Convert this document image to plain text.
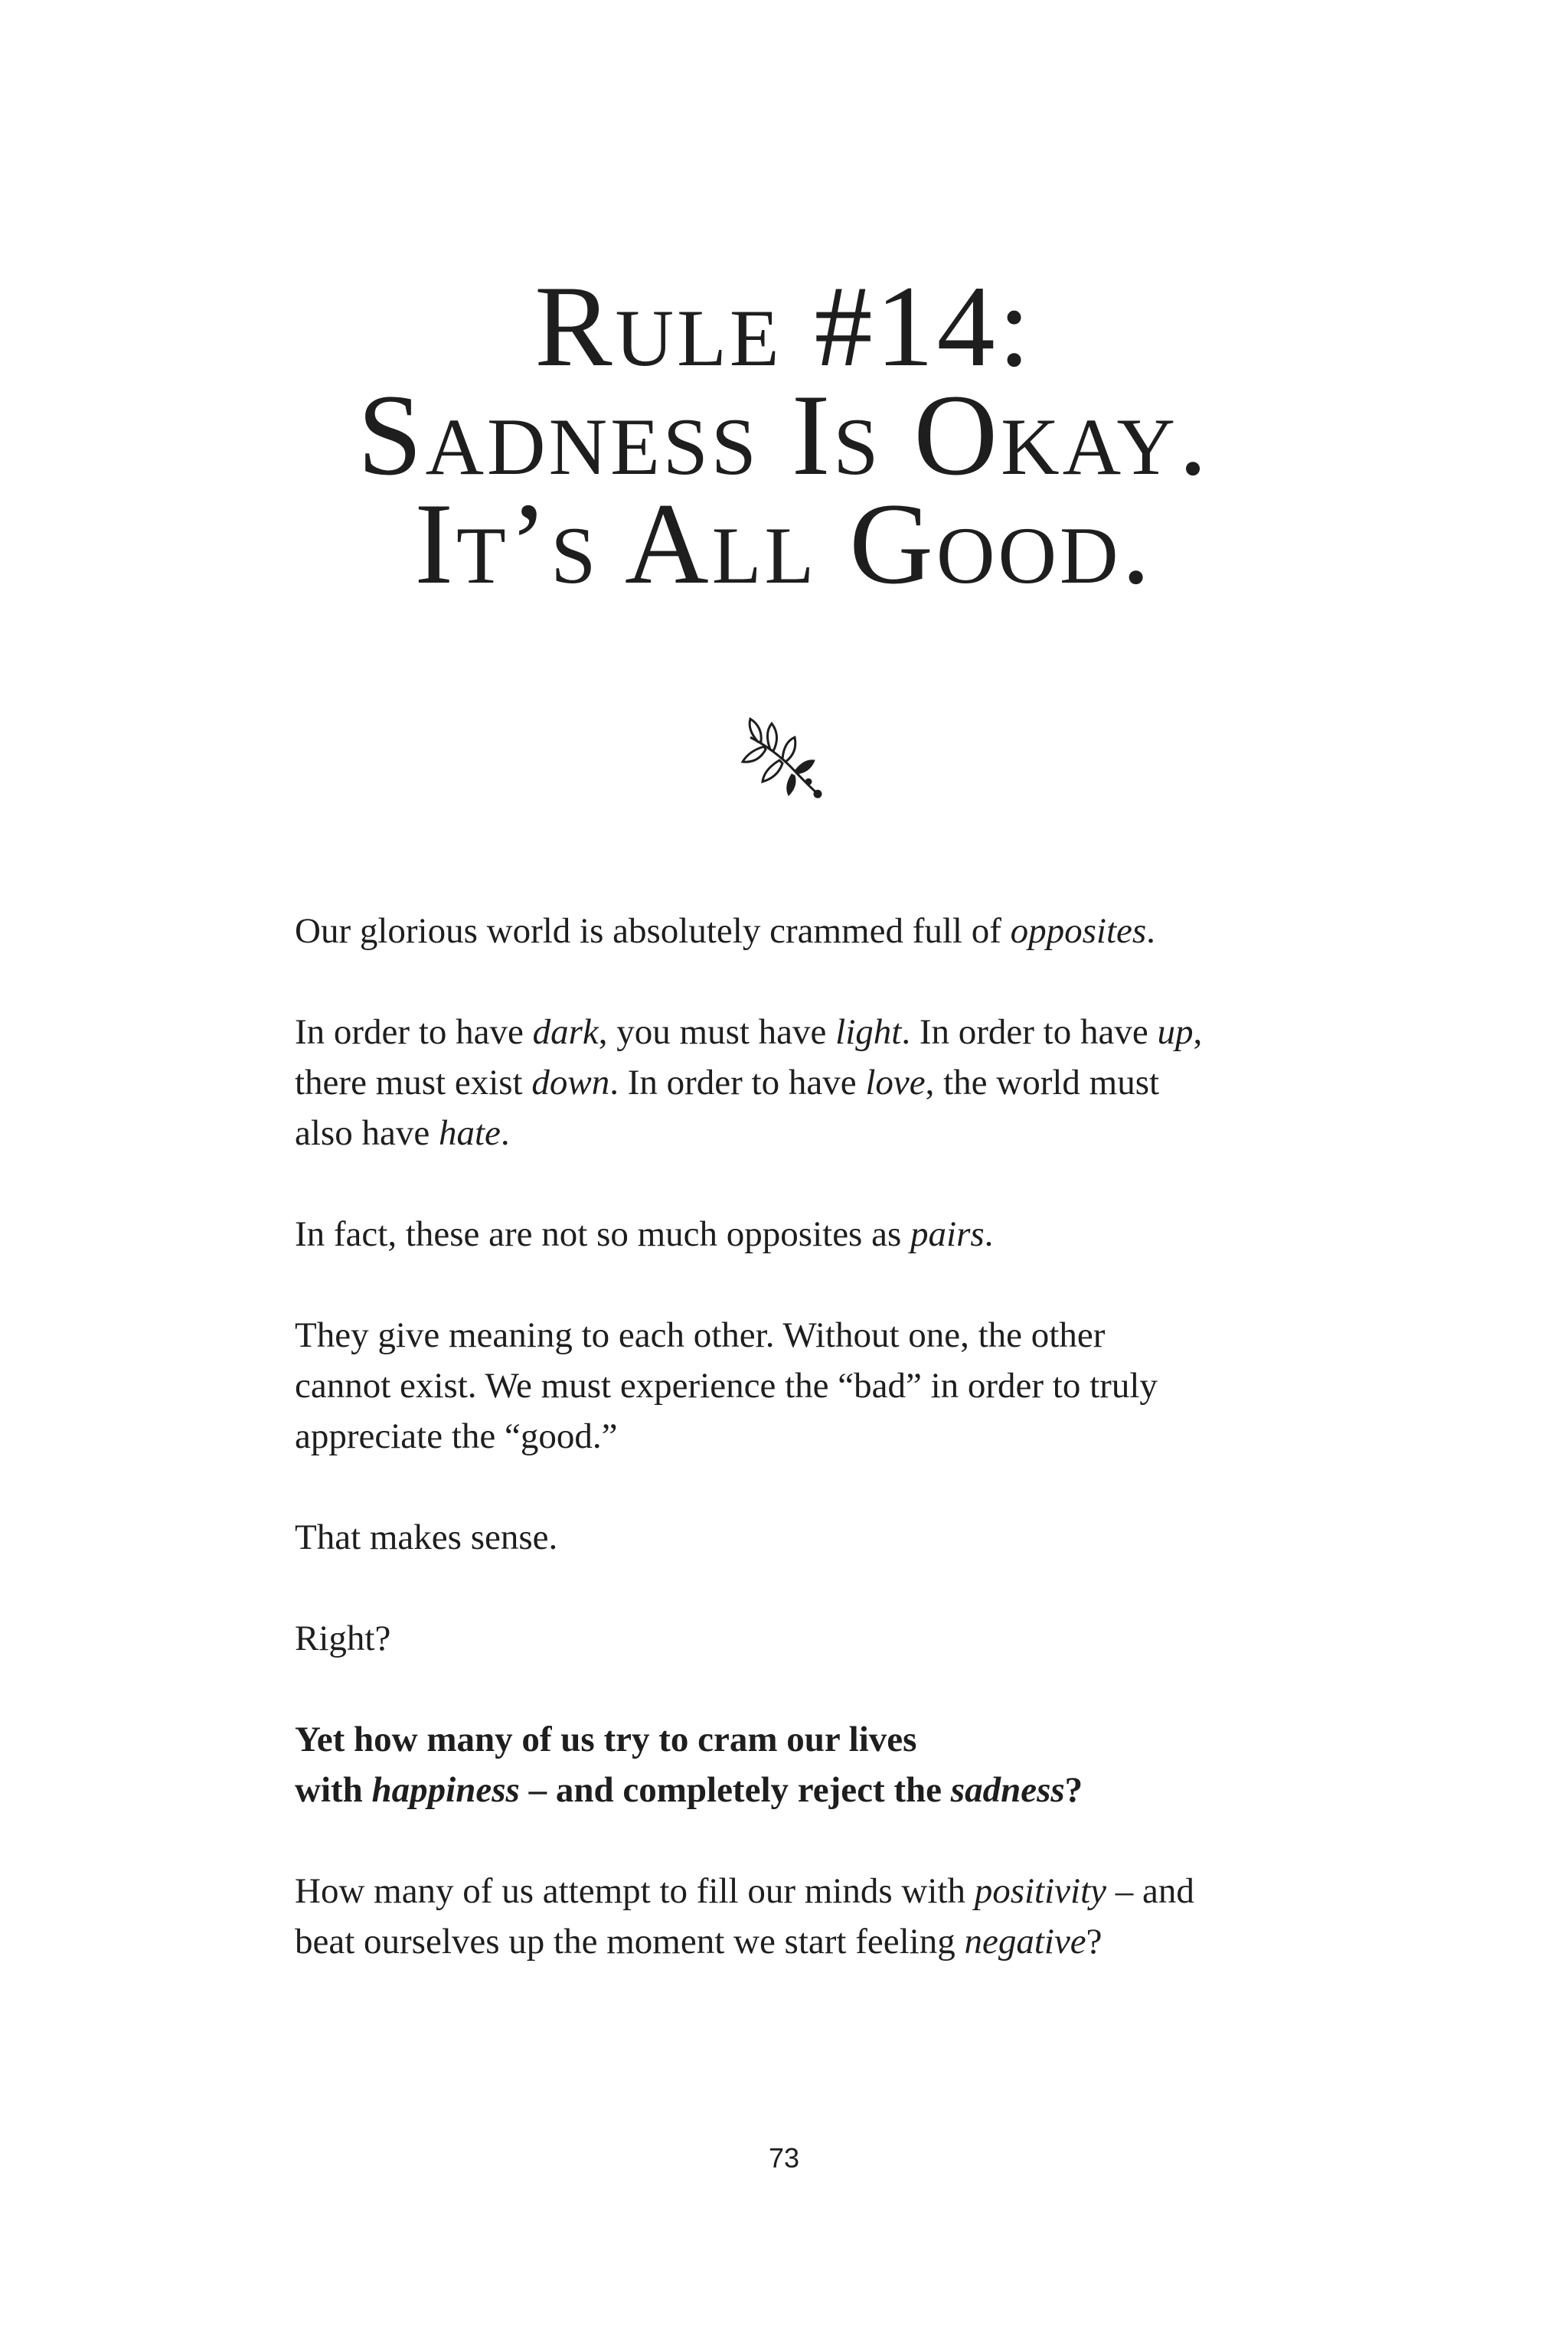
Rule #14:
Sadness Is Okay.
It’s All Good.

Our glorious world is absolutely crammed full of opposites.

In order to have dark, you must have light. In order to have up,
there must exist down. In order to have love, the world must
also have hate.

In fact, these are not so much opposites as pairs.

They give meaning to each other. Without one, the other
cannot exist. We must experience the “bad” in order to truly
appreciate the “good.”

That makes sense.

Right?

Yet how many of us try to cram our lives
with happiness – and completely reject the sadness?

How many of us attempt to fill our minds with positivity – and
beat ourselves up the moment we start feeling negative?

73
